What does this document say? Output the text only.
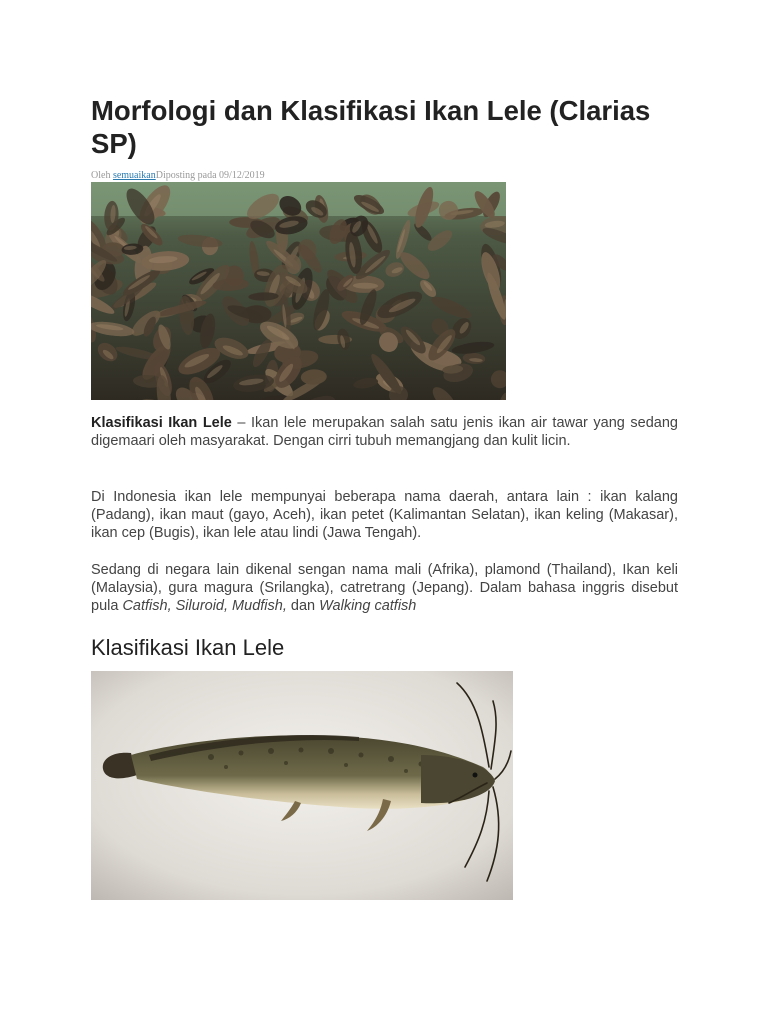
Morfologi dan Klasifikasi Ikan Lele (Clarias SP)
Oleh semuaikanDiposting pada 09/12/2019

Klasifikasi Ikan Lele – Ikan lele merupakan salah satu jenis ikan air tawar yang sedang digemaari oleh masyarakat. Dengan cirri tubuh memangjang dan kulit licin.

Di Indonesia ikan lele mempunyai beberapa nama daerah, antara lain : ikan kalang (Padang), ikan maut (gayo, Aceh), ikan petet (Kalimantan Selatan), ikan keling (Makasar), ikan cep (Bugis), ikan lele atau lindi (Jawa Tengah).

Sedang di negara lain dikenal sengan nama mali (Afrika), plamond (Thailand), Ikan keli (Malaysia), gura magura (Srilangka), catretrang (Jepang). Dalam bahasa inggris disebut pula Catfish, Siluroid, Mudfish, dan Walking catfish

Klasifikasi Ikan Lele
